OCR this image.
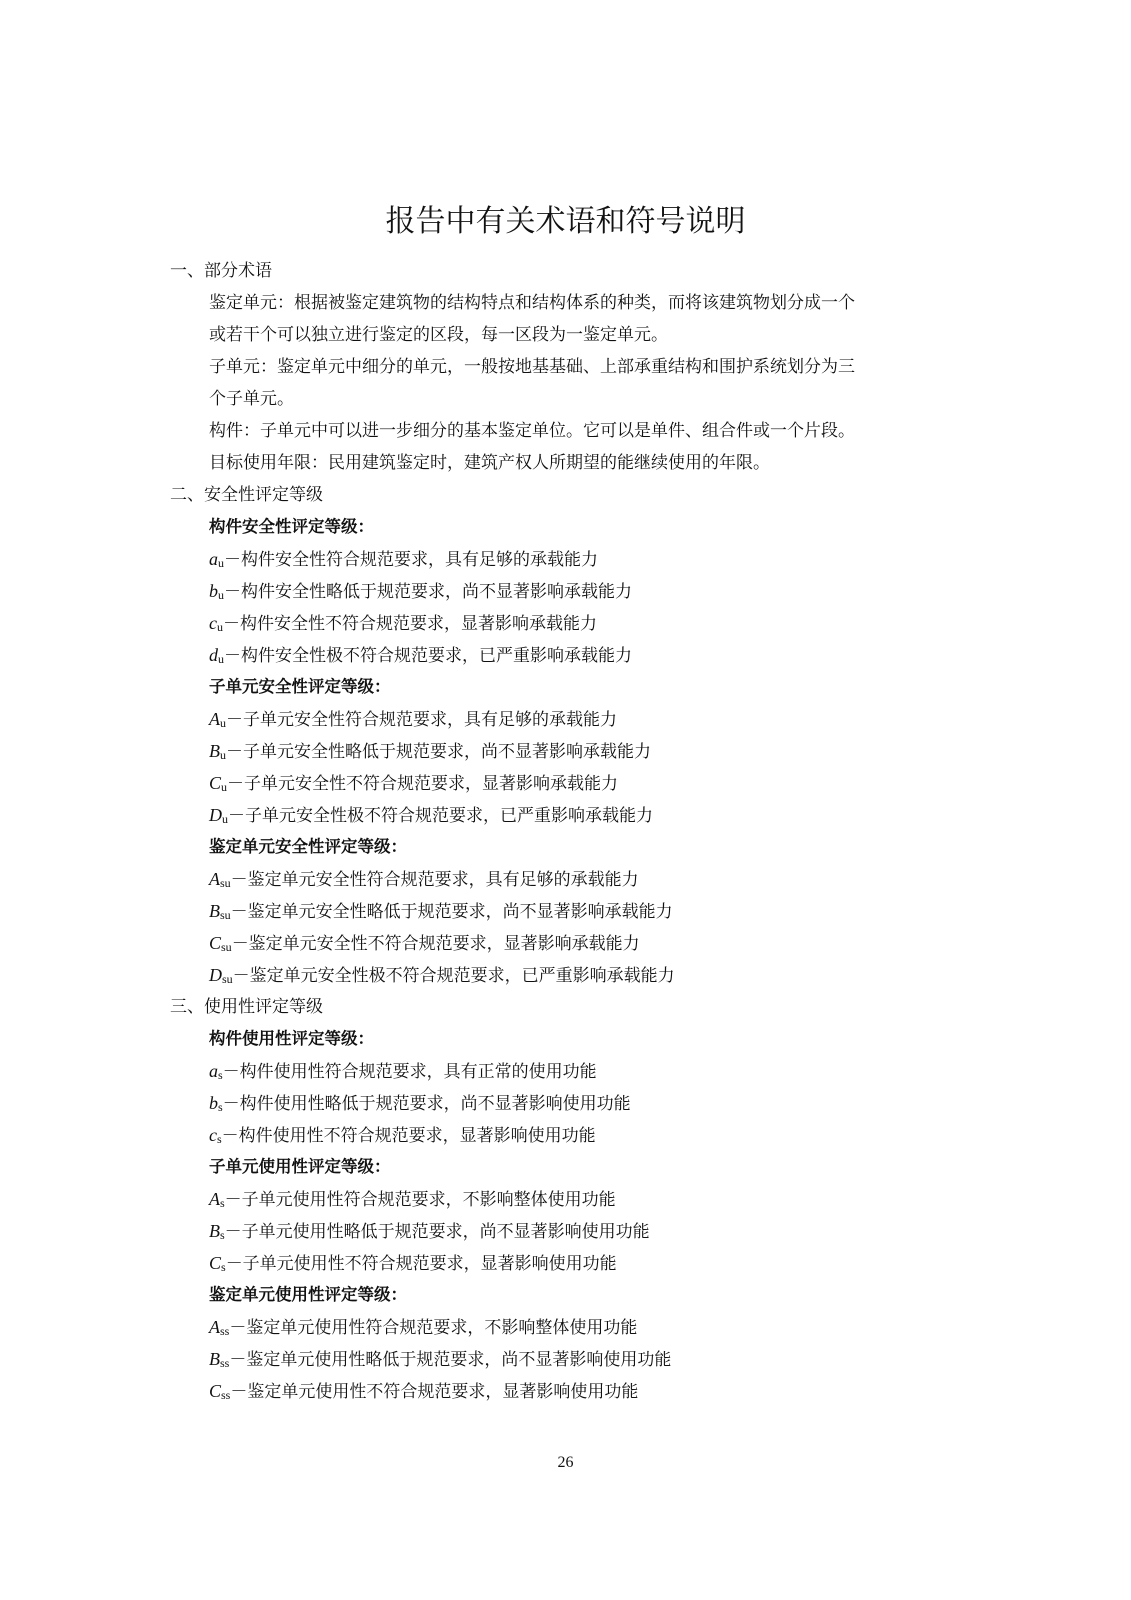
报告中有关术语和符号说明
一、部分术语
鉴定单元：根据被鉴定建筑物的结构特点和结构体系的种类，而将该建筑物划分成一个
或若干个可以独立进行鉴定的区段，每一区段为一鉴定单元。
子单元：鉴定单元中细分的单元，一般按地基基础、上部承重结构和围护系统划分为三
个子单元。
构件：子单元中可以进一步细分的基本鉴定单位。它可以是单件、组合件或一个片段。
目标使用年限：民用建筑鉴定时，建筑产权人所期望的能继续使用的年限。
二、安全性评定等级
构件安全性评定等级：
$a_u-$构件安全性符合规范要求，具有足够的承载能力
$b_u-$构件安全性略低于规范要求，尚不显著影响承载能力
$c_u-$构件安全性不符合规范要求，显著影响承载能力
$d_u-$构件安全性极不符合规范要求，已严重影响承载能力
子单元安全性评定等级：
$A_u-$子单元安全性符合规范要求，具有足够的承载能力
$B_u-$子单元安全性略低于规范要求，尚不显著影响承载能力
$C_u-$子单元安全性不符合规范要求，显著影响承载能力
$D_u-$子单元安全性极不符合规范要求，已严重影响承载能力
鉴定单元安全性评定等级：
$A_{su}-$鉴定单元安全性符合规范要求，具有足够的承载能力
$B_{su}-$鉴定单元安全性略低于规范要求，尚不显著影响承载能力
$C_{su}-$鉴定单元安全性不符合规范要求，显著影响承载能力
$D_{su}-$鉴定单元安全性极不符合规范要求，已严重影响承载能力
三、使用性评定等级
构件使用性评定等级：
$a_s-$构件使用性符合规范要求，具有正常的使用功能
$b_s-$构件使用性略低于规范要求，尚不显著影响使用功能
$c_s-$构件使用性不符合规范要求，显著影响使用功能
子单元使用性评定等级：
$A_s-$子单元使用性符合规范要求，不影响整体使用功能
$B_s-$子单元使用性略低于规范要求，尚不显著影响使用功能
$C_s-$子单元使用性不符合规范要求，显著影响使用功能
鉴定单元使用性评定等级：
$A_{ss}-$鉴定单元使用性符合规范要求，不影响整体使用功能
$B_{ss}-$鉴定单元使用性略低于规范要求，尚不显著影响使用功能
$C_{ss}-$鉴定单元使用性不符合规范要求，显著影响使用功能
26
